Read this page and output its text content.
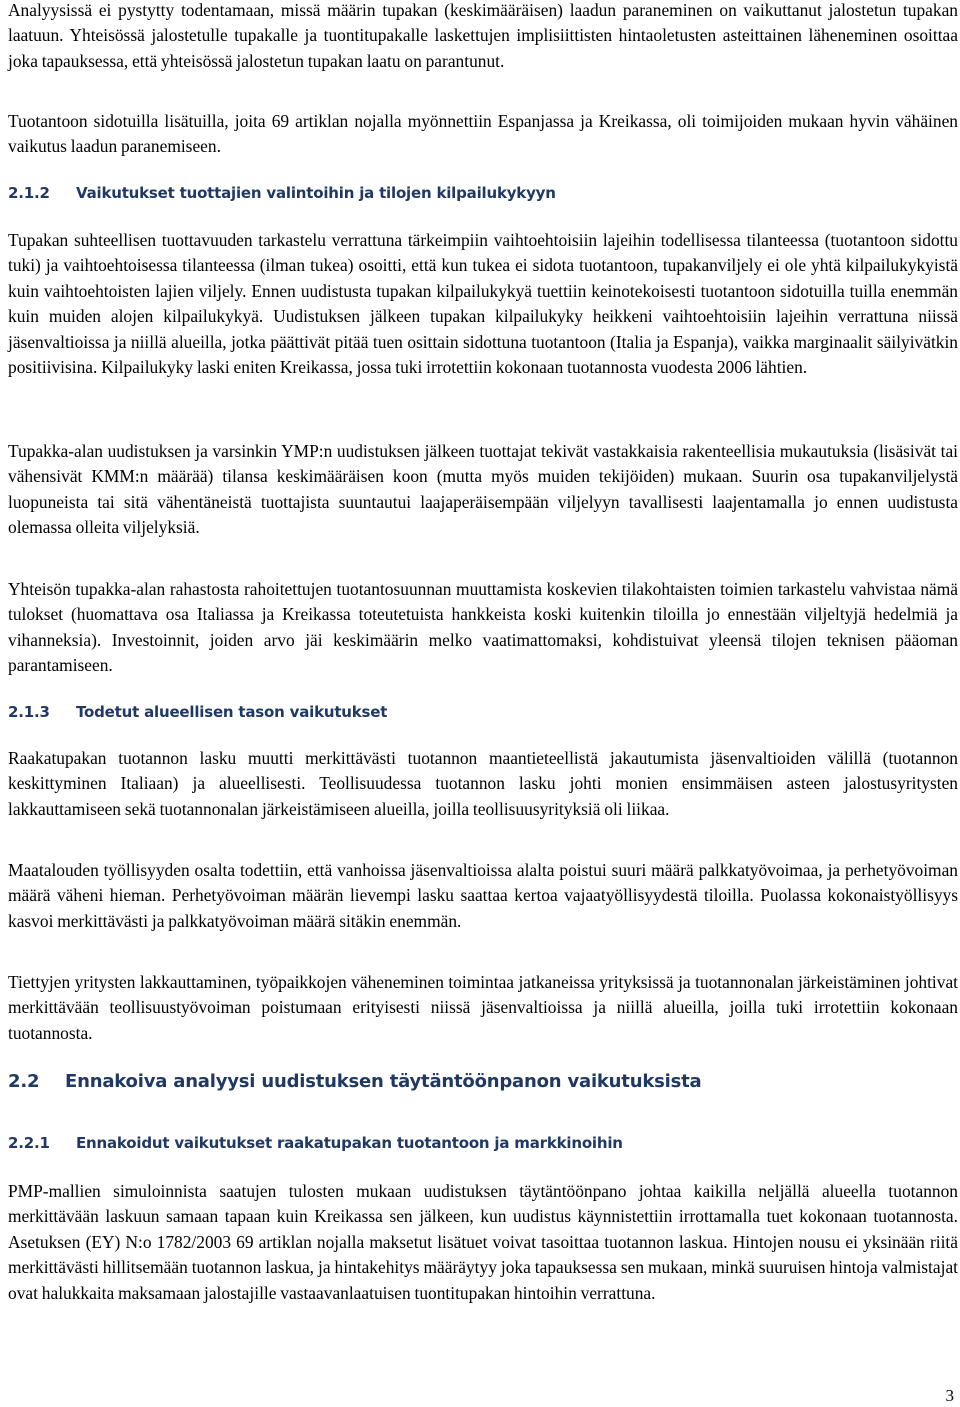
Analyysissä ei pystytty todentamaan, missä määrin tupakan (keskimääräisen) laadun paraneminen on vaikuttanut jalostetun tupakan laatuun. Yhteisössä jalostetulle tupakalle ja tuontitupakalle laskettujen implisiittisten hintaoletusten asteittainen läheneminen osoittaa joka tapauksessa, että yhteisössä jalostetun tupakan laatu on parantunut.

Tuotantoon sidotuilla lisätuilla, joita 69 artiklan nojalla myönnettiin Espanjassa ja Kreikassa, oli toimijoiden mukaan hyvin vähäinen vaikutus laadun paranemiseen.

2.1.2 Vaikutukset tuottajien valintoihin ja tilojen kilpailukykyyn

Tupakan suhteellisen tuottavuuden tarkastelu verrattuna tärkeimpiin vaihtoehtoisiin lajeihin todellisessa tilanteessa (tuotantoon sidottu tuki) ja vaihtoehtoisessa tilanteessa (ilman tukea) osoitti, että kun tukea ei sidota tuotantoon, tupakanviljely ei ole yhtä kilpailukykyistä kuin vaihtoehtoisten lajien viljely. Ennen uudistusta tupakan kilpailukykyä tuettiin keinotekoisesti tuotantoon sidotuilla tuilla enemmän kuin muiden alojen kilpailukykyä. Uudistuksen jälkeen tupakan kilpailukyky heikkeni vaihtoehtoisiin lajeihin verrattuna niissä jäsenvaltioissa ja niillä alueilla, jotka päättivät pitää tuen osittain sidottuna tuotantoon (Italia ja Espanja), vaikka marginaalit säilyivätkin positiivisina. Kilpailukyky laski eniten Kreikassa, jossa tuki irrotettiin kokonaan tuotannosta vuodesta 2006 lähtien.

Tupakka-alan uudistuksen ja varsinkin YMP:n uudistuksen jälkeen tuottajat tekivät vastakkaisia rakenteellisia mukautuksia (lisäsivät tai vähensivät KMM:n määrää) tilansa keskimääräisen koon (mutta myös muiden tekijöiden) mukaan. Suurin osa tupakanviljelystä luopuneista tai sitä vähentäneistä tuottajista suuntautui laajaperäisempään viljelyyn tavallisesti laajentamalla jo ennen uudistusta olemassa olleita viljelyksiä.

Yhteisön tupakka-alan rahastosta rahoitettujen tuotantosuunnan muuttamista koskevien tilakohtaisten toimien tarkastelu vahvistaa nämä tulokset (huomattava osa Italiassa ja Kreikassa toteutetuista hankkeista koski kuitenkin tiloilla jo ennestään viljeltyjä hedelmiä ja vihanneksia). Investoinnit, joiden arvo jäi keskimäärin melko vaatimattomaksi, kohdistuivat yleensä tilojen teknisen pääoman parantamiseen.

2.1.3 Todetut alueellisen tason vaikutukset

Raakatupakan tuotannon lasku muutti merkittävästi tuotannon maantieteellistä jakautumista jäsenvaltioiden välillä (tuotannon keskittyminen Italiaan) ja alueellisesti. Teollisuudessa tuotannon lasku johti monien ensimmäisen asteen jalostusyritysten lakkauttamiseen sekä tuotannonalan järkeistämiseen alueilla, joilla teollisuusyrityksiä oli liikaa.

Maatalouden työllisyyden osalta todettiin, että vanhoissa jäsenvaltioissa alalta poistui suuri määrä palkkatyövoimaa, ja perhetyövoiman määrä väheni hieman. Perhetyövoiman määrän lievempi lasku saattaa kertoa vajaatyöllisyydestä tiloilla. Puolassa kokonaistyöllisyys kasvoi merkittävästi ja palkkatyövoiman määrä sitäkin enemmän.

Tiettyjen yritysten lakkauttaminen, työpaikkojen väheneminen toimintaa jatkaneissa yrityksissä ja tuotannonalan järkeistäminen johtivat merkittävään teollisuustyövoiman poistumaan erityisesti niissä jäsenvaltioissa ja niillä alueilla, joilla tuki irrotettiin kokonaan tuotannosta.

2.2 Ennakoiva analyysi uudistuksen täytäntöönpanon vaikutuksista
2.2.1 Ennakoidut vaikutukset raakatupakan tuotantoon ja markkinoihin

PMP-mallien simuloinnista saatujen tulosten mukaan uudistuksen täytäntöönpano johtaa kaikilla neljällä alueella tuotannon merkittävään laskuun samaan tapaan kuin Kreikassa sen jälkeen, kun uudistus käynnistettiin irrottamalla tuet kokonaan tuotannosta. Asetuksen (EY) N:o 1782/2003 69 artiklan nojalla maksetut lisätuet voivat tasoittaa tuotannon laskua. Hintojen nousu ei yksinään riitä merkittävästi hillitsemään tuotannon laskua, ja hintakehitys määräytyy joka tapauksessa sen mukaan, minkä suuruisen hintoja valmistajat ovat halukkaita maksamaan jalostajille vastaavanlaatuisen tuontitupakan hintoihin verrattuna.

3
